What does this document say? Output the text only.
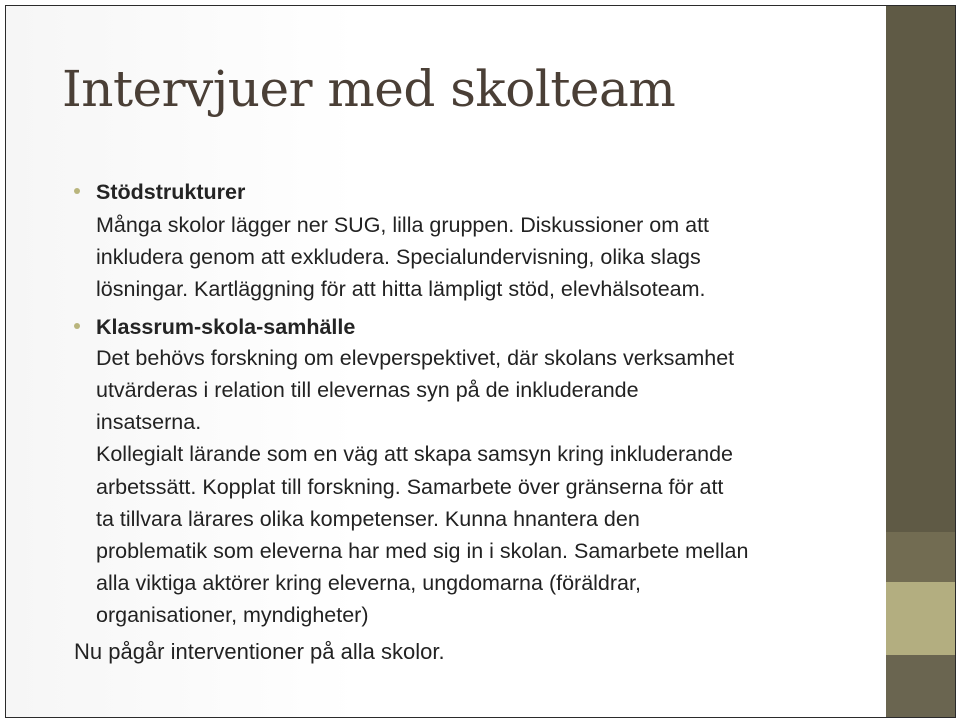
Intervjuer med skolteam
Stödstrukturer
Många skolor lägger ner SUG, lilla gruppen. Diskussioner om att
inkludera genom att exkludera. Specialundervisning, olika slags
lösningar. Kartläggning för att hitta lämpligt stöd, elevhälsoteam.
Klassrum-skola-samhälle
Det behövs forskning om elevperspektivet, där skolans verksamhet
utvärderas i relation till elevernas syn på de inkluderande
insatserna.
Kollegialt lärande som en väg att skapa samsyn kring inkluderande
arbetssätt. Kopplat till forskning. Samarbete över gränserna för att
ta tillvara lärares olika kompetenser. Kunna hnantera den
problematik som eleverna har med sig in i skolan. Samarbete mellan
alla viktiga aktörer kring eleverna, ungdomarna (föräldrar,
organisationer, myndigheter)
Nu pågår interventioner på alla skolor.
